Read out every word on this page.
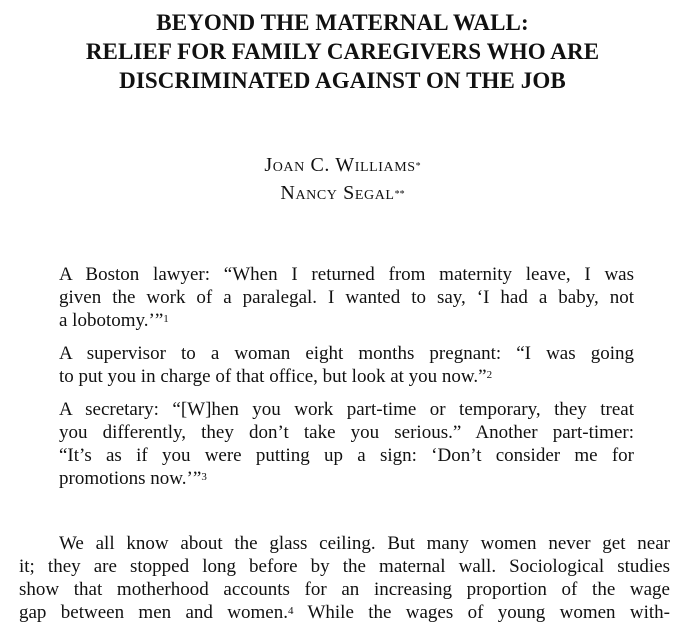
BEYOND THE MATERNAL WALL:
RELIEF FOR FAMILY CAREGIVERS WHO ARE
DISCRIMINATED AGAINST ON THE JOB
Joan C. Williams*
Nancy Segal**
A Boston lawyer: “When I returned from maternity leave, I was
given the work of a paralegal. I wanted to say, ‘I had a baby, not
a lobotomy.’”$^1$
A supervisor to a woman eight months pregnant: “I was going
to put you in charge of that office, but look at you now.”$^2$
A secretary: “[W]hen you work part-time or temporary, they treat
you differently, they don’t take you serious.” Another part-timer:
“It’s as if you were putting up a sign: ‘Don’t consider me for
promotions now.’”$^3$
We all know about the glass ceiling. But many women never get near
it; they are stopped long before by the maternal wall. Sociological studies
show that motherhood accounts for an increasing proportion of the wage
gap between men and women.$^4$ While the wages of young women with-
